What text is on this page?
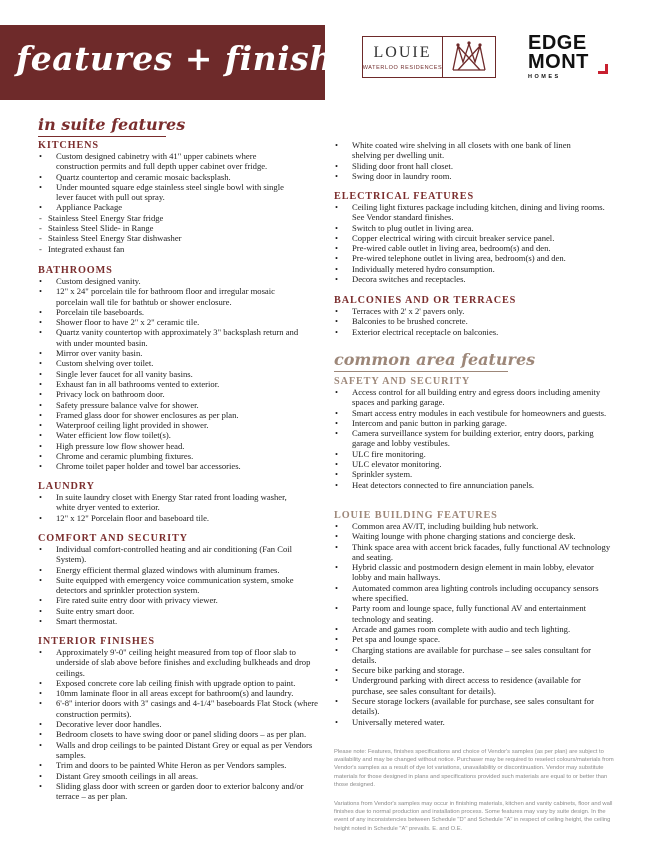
features + finishes LOUIE
WATERLOO RESIDENCES
EDGE
MONT
HOMES
in suite features
KITCHENS
• Custom designed cabinetry with 41" upper cabinets where construction permits and full depth upper cabinet over fridge.
• Quartz countertop and ceramic mosaic backsplash.
• Under mounted square edge stainless steel single bowl with single lever faucet with pull out spray.
• Appliance Package
- Stainless Steel Energy Star fridge
- Stainless Steel Slide- in Range
- Stainless Steel Energy Star dishwasher
- Integrated exhaust fan
BATHROOMS
• Custom designed vanity.
• 12" x 24" porcelain tile for bathroom floor and irregular mosaic porcelain wall tile for bathtub or shower enclosure.
• Porcelain tile baseboards.
• Shower floor to have 2" x 2" ceramic tile.
• Quartz vanity countertop with approximately 3" backsplash return and with under mounted basin.
• Mirror over vanity basin.
• Custom shelving over toilet.
• Single lever faucet for all vanity basins.
• Exhaust fan in all bathrooms vented to exterior.
• Privacy lock on bathroom door.
• Safety pressure balance valve for shower.
• Framed glass door for shower enclosures as per plan.
• Waterproof ceiling light provided in shower.
• Water efficient low flow toilet(s).
• High pressure low flow shower head.
• Chrome and ceramic plumbing fixtures.
• Chrome toilet paper holder and towel bar accessories.
LAUNDRY
• In suite laundry closet with Energy Star rated front loading washer, white dryer vented to exterior.
• 12" x 12" Porcelain floor and baseboard tile.
COMFORT AND SECURITY
• Individual comfort-controlled heating and air conditioning (Fan Coil System).
• Energy efficient thermal glazed windows with aluminum frames.
• Suite equipped with emergency voice communication system, smoke detectors and sprinkler protection system.
• Fire rated suite entry door with privacy viewer.
• Suite entry smart door.
• Smart thermostat.
INTERIOR FINISHES
• Approximately 9'-0" ceiling height measured from top of floor slab to underside of slab above before finishes and excluding bulkheads and drop ceilings.
• Exposed concrete core lab ceiling finish with upgrade option to paint.
• 10mm laminate floor in all areas except for bathroom(s) and laundry.
• 6'-8" interior doors with 3" casings and 4-1/4" baseboards Flat Stock (where construction permits).
• Decorative lever door handles.
• Bedroom closets to have swing door or panel sliding doors – as per plan.
• Walls and drop ceilings to be painted Distant Grey or equal as per Vendors samples.
• Trim and doors to be painted White Heron as per Vendors samples.
• Distant Grey smooth ceilings in all areas.
• Sliding glass door with screen or garden door to exterior balcony and/or terrace – as per plan.
• White coated wire shelving in all closets with one bank of linen shelving per dwelling unit.
• Sliding door front hall closet.
• Swing door in laundry room.
ELECTRICAL FEATURES
• Ceiling light fixtures package including kitchen, dining and living rooms. See Vendor standard finishes.
• Switch to plug outlet in living area.
• Copper electrical wiring with circuit breaker service panel.
• Pre-wired cable outlet in living area, bedroom(s) and den.
• Pre-wired telephone outlet in living area, bedroom(s) and den.
• Individually metered hydro consumption.
• Decora switches and receptacles.
BALCONIES AND OR TERRACES
• Terraces with 2' x 2' pavers only.
• Balconies to be brushed concrete.
• Exterior electrical receptacle on balconies.
common area features
SAFETY AND SECURITY
• Access control for all building entry and egress doors including amenity spaces and parking garage.
• Smart access entry modules in each vestibule for homeowners and guests.
• Intercom and panic button in parking garage.
• Camera surveillance system for building exterior, entry doors, parking garage and lobby vestibules.
• ULC fire monitoring.
• ULC elevator monitoring.
• Sprinkler system.
• Heat detectors connected to fire annunciation panels.
LOUIE BUILDING FEATURES
• Common area AV/IT, including building hub network.
• Waiting lounge with phone charging stations and concierge desk.
• Think space area with accent brick facades, fully functional AV technology and seating.
• Hybrid classic and postmodern design element in main lobby, elevator lobby and main hallways.
• Automated common area lighting controls including occupancy sensors where specified.
• Party room and lounge space, fully functional AV and entertainment technology and seating.
• Arcade and games room complete with audio and tech lighting.
• Pet spa and lounge space.
• Charging stations are available for purchase – see sales consultant for details.
• Secure bike parking and storage.
• Underground parking with direct access to residence (available for purchase, see sales consultant for details).
• Secure storage lockers (available for purchase, see sales consultant for details).
• Universally metered water.
Please note: Features, finishes specifications and choice of Vendor's samples (as per plan) are subject to availability and may be changed without notice. Purchaser may be required to reselect colours/materials from Vendor's samples as a result of dye lot variations, unavailability or discontinuation. Vendor may substitute materials for those designed in plans and specifications provided such materials are equal to or better than those designed.
Variations from Vendor's samples may occur in finishing materials, kitchen and vanity cabinets, floor and wall finishes due to normal production and installation process. Some features may vary by suite design. In the event of any inconsistencies between Schedule "D" and Schedule "A" in respect of ceiling height, the ceiling height noted in Schedule "A" prevails. E. and O.E.
